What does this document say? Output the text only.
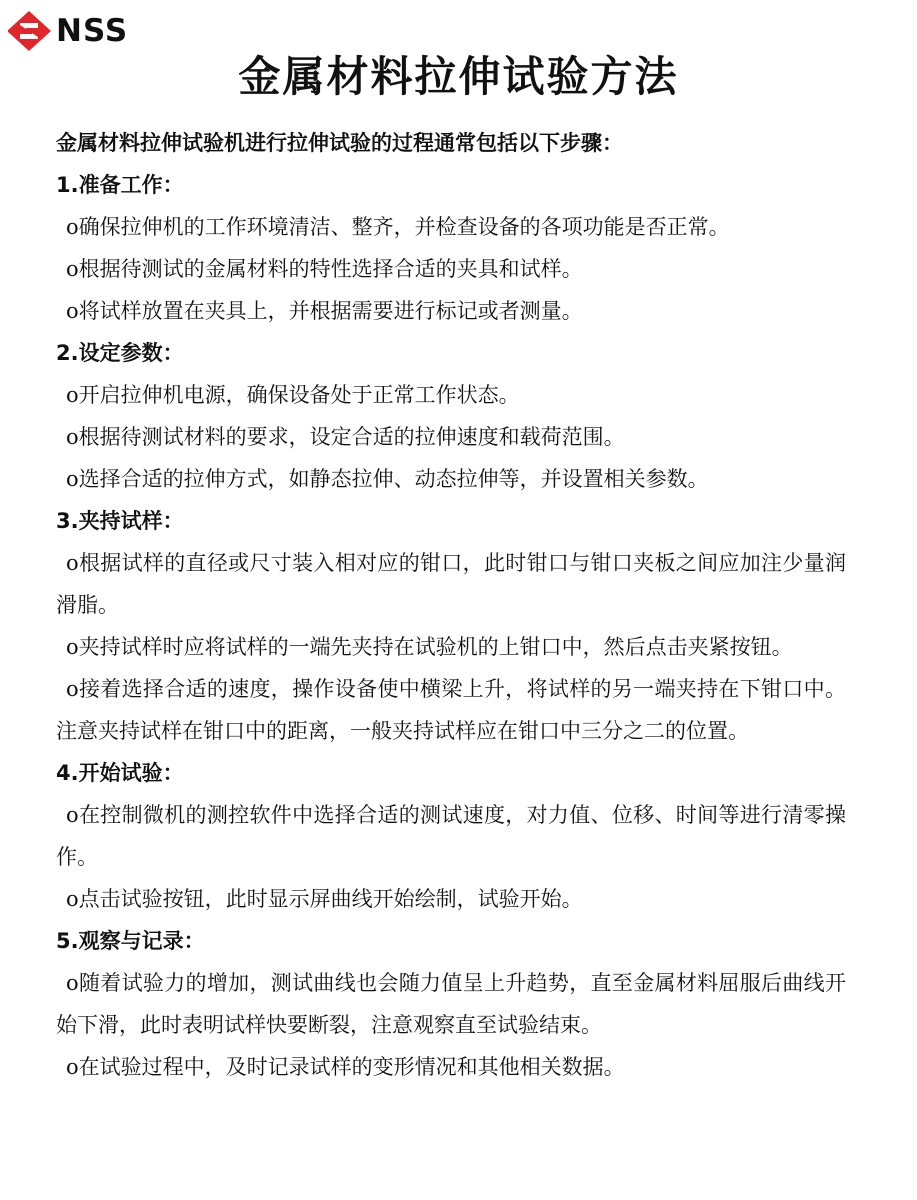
NSS
金属材料拉伸试验方法

金属材料拉伸试验机进行拉伸试验的过程通常包括以下步骤：

1.准备工作：

o确保拉伸机的工作环境清洁、整齐，并检查设备的各项功能是否正常。

o根据待测试的金属材料的特性选择合适的夹具和试样。

o将试样放置在夹具上，并根据需要进行标记或者测量。

2.设定参数：

o开启拉伸机电源，确保设备处于正常工作状态。

o根据待测试材料的要求，设定合适的拉伸速度和载荷范围。

o选择合适的拉伸方式，如静态拉伸、动态拉伸等，并设置相关参数。

3.夹持试样：

o根据试样的直径或尺寸装入相对应的钳口，此时钳口与钳口夹板之间应加注少量润滑脂。

o夹持试样时应将试样的一端先夹持在试验机的上钳口中，然后点击夹紧按钮。

o接着选择合适的速度，操作设备使中横梁上升，将试样的另一端夹持在下钳口中。注意夹持试样在钳口中的距离，一般夹持试样应在钳口中三分之二的位置。

4.开始试验：

o在控制微机的测控软件中选择合适的测试速度，对力值、位移、时间等进行清零操作。

o点击试验按钮，此时显示屏曲线开始绘制，试验开始。

5.观察与记录：

o随着试验力的增加，测试曲线也会随力值呈上升趋势，直至金属材料屈服后曲线开始下滑，此时表明试样快要断裂，注意观察直至试验结束。

o在试验过程中，及时记录试样的变形情况和其他相关数据。
